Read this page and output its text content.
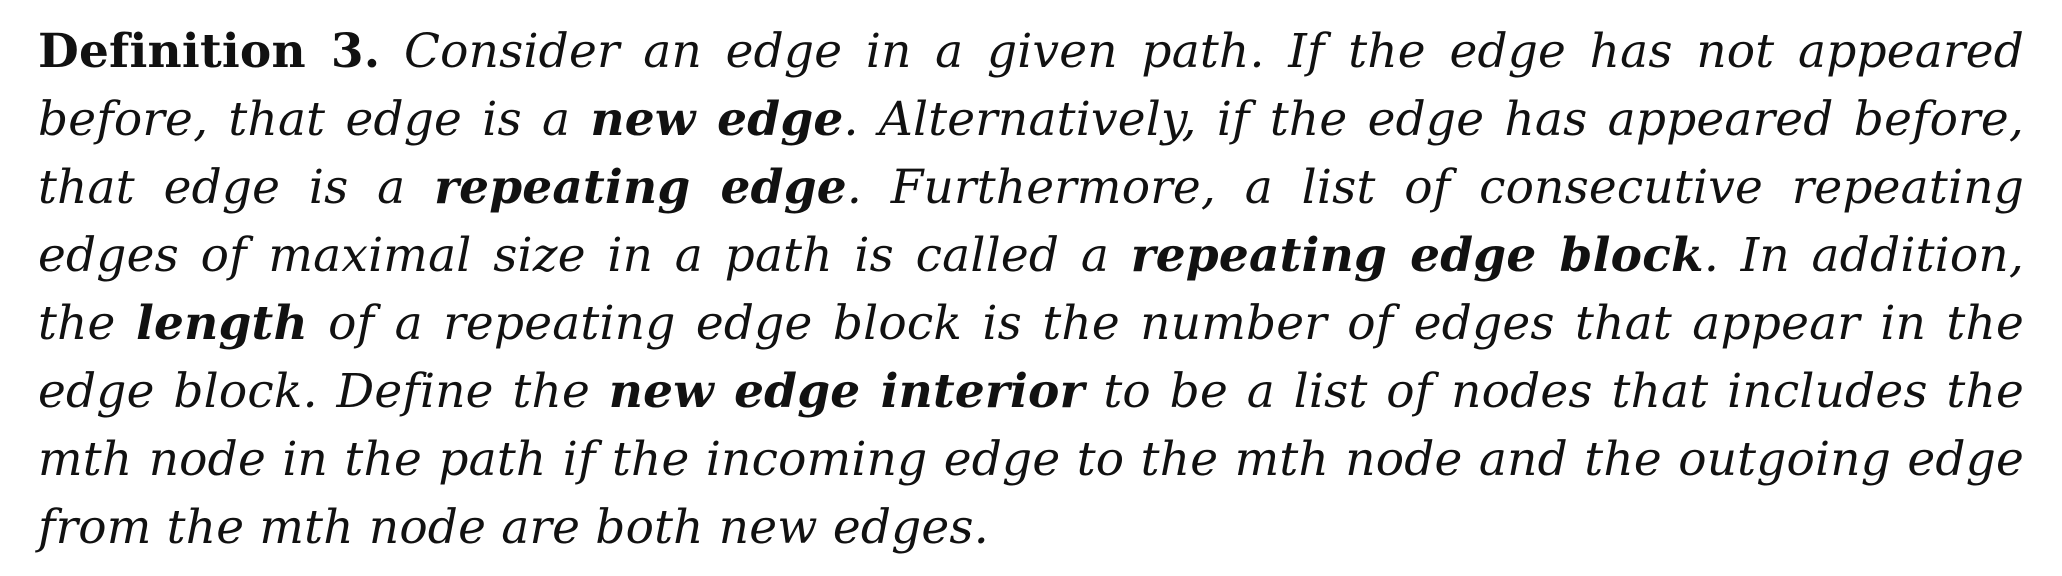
Definition 3. Consider an edge in a given path. If the edge has not appeared before, that edge is a new edge. Alternatively, if the edge has appeared before, that edge is a repeating edge. Furthermore, a list of consecutive repeating edges of maximal size in a path is called a repeating edge block. In addition, the length of a repeating edge block is the number of edges that appear in the edge block. Define the new edge interior to be a list of nodes that includes the mth node in the path if the incoming edge to the mth node and the outgoing edge from the mth node are both new edges.
